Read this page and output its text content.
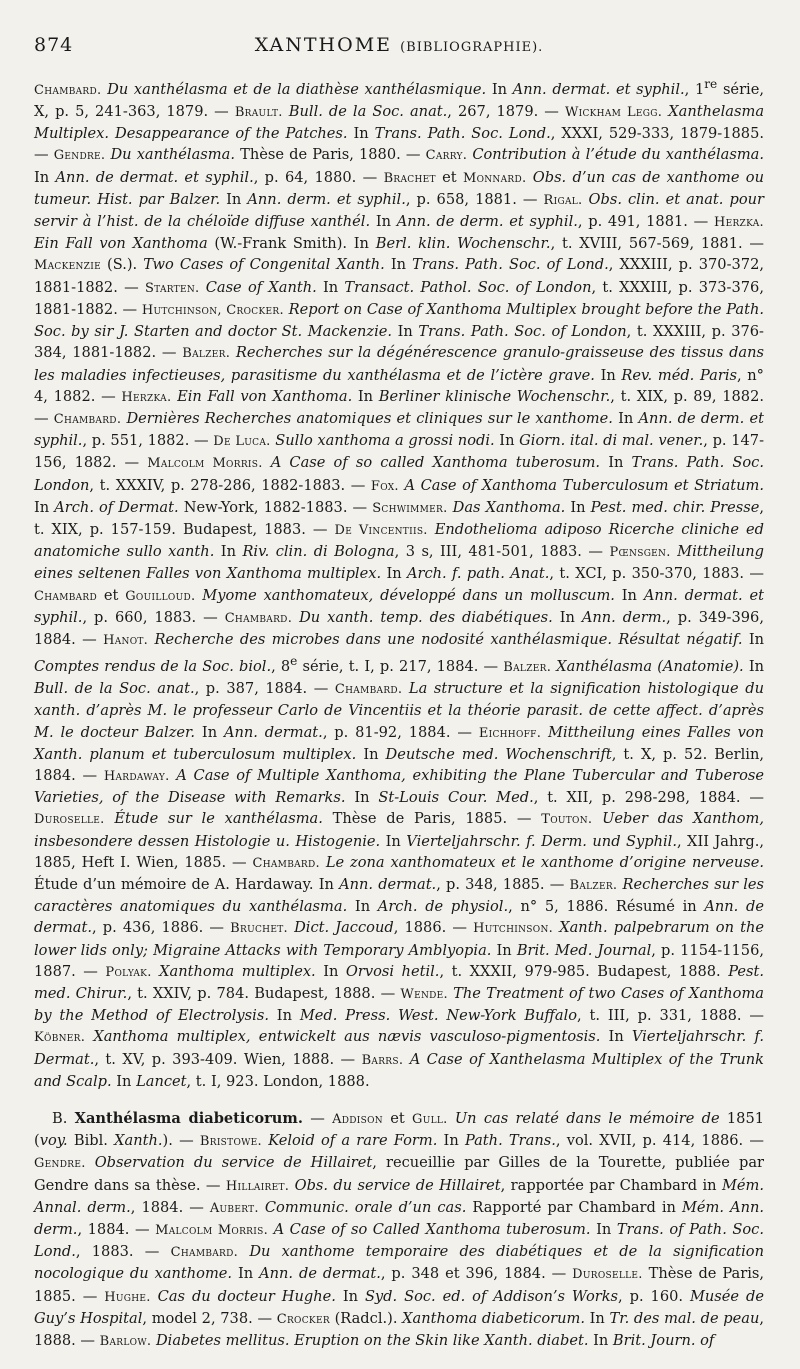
874	XANTHOME (BIBLIOGRAPHIE).
Chambard. Du xanthélasma et de la diathèse xanthélasmique. In Ann. dermat. et syphil., 1re série, X, p. 5, 241-363, 1879. — Brault. Bull. de la Soc. anat., 267, 1879. — Wickham Legg. Xanthelasma Multiplex. Desappearance of the Patches. In Trans. Path. Soc. Lond., XXXI, 529-333, 1879-1885. — Gendre. Du xanthélasma. Thèse de Paris, 1880. — Carry. Contribution à l’étude du xanthélasma. In Ann. de dermat. et syphil., p. 64, 1880. — Brachet et Monnard. Obs. d’un cas de xanthome ou tumeur. Hist. par Balzer. In Ann. derm. et syphil., p. 658, 1881. — Rigal. Obs. clin. et anat. pour servir à l’hist. de la chéloïde diffuse xanthél. In Ann. de derm. et syphil., p. 491, 1881. — Herzka. Ein Fall von Xanthoma (W.-Frank Smith). In Berl. klin. Wochenschr., t. XVIII, 567-569, 1881. — Mackenzie (S.). Two Cases of Congenital Xanth. In Trans. Path. Soc. of Lond., XXXIII, p. 370-372, 1881-1882. — Starten. Case of Xanth. In Transact. Pathol. Soc. of London, t. XXXIII, p. 373-376, 1881-1882. — Hutchinson, Crocker. Report on Case of Xanthoma Multiplex brought before the Path. Soc. by sir J. Starten and doctor St. Mackenzie. In Trans. Path. Soc. of London, t. XXXIII, p. 376-384, 1881-1882. — Balzer. Recherches sur la dégénérescence granulo-graisseuse des tissus dans les maladies infectieuses, parasitisme du xanthélasma et de l’ictère grave. In Rev. méd. Paris, n° 4, 1882. — Herzka. Ein Fall von Xanthoma. In Berliner klinische Wochenschr., t. XIX, p. 89, 1882. — Chambard. Dernières Recherches anatomiques et cliniques sur le xanthome. In Ann. de derm. et syphil., p. 551, 1882. — De Luca. Sullo xanthoma a grossi nodi. In Giorn. ital. di mal. vener., p. 147-156, 1882. — Malcolm Morris. A Case of so called Xanthoma tuberosum. In Trans. Path. Soc. London, t. XXXIV, p. 278-286, 1882-1883. — Fox. A Case of Xanthoma Tuberculosum et Striatum. In Arch. of Dermat. New-York, 1882-1883. — Schwimmer. Das Xanthoma. In Pest. med. chir. Presse, t. XIX, p. 157-159. Budapest, 1883. — De Vincentiis. Endothelioma adiposo Ricerche cliniche ed anatomiche sullo xanth. In Riv. clin. di Bologna, 3 s, III, 481-501, 1883. — Pœnsgen. Mittheilung eines seltenen Falles von Xanthoma multiplex. In Arch. f. path. Anat., t. XCI, p. 350-370, 1883. — Chambard et Gouilloud. Myome xanthomateux, développé dans un molluscum. In Ann. dermat. et syphil., p. 660, 1883. — Chambard. Du xanth. temp. des diabétiques. In Ann. derm., p. 349-396, 1884. — Hanot. Recherche des microbes dans une nodosité xanthélasmique. Résultat négatif. In Comptes rendus de la Soc. biol., 8e série, t. I, p. 217, 1884. — Balzer. Xanthélasma (Anatomie). In Bull. de la Soc. anat., p. 387, 1884. — Chambard. La structure et la signification histologique du xanth. d’après M. le professeur Carlo de Vincentiis et la théorie parasit. de cette affect. d’après M. le docteur Balzer. In Ann. dermat., p. 81-92, 1884. — Eichhoff. Mittheilung eines Falles von Xanth. planum et tuberculosum multiplex. In Deutsche med. Wochenschrift, t. X, p. 52. Berlin, 1884. — Hardaway. A Case of Multiple Xanthoma, exhibiting the Plane Tubercular and Tuberose Varieties, of the Disease with Remarks. In St-Louis Cour. Med., t. XII, p. 298-298, 1884. — Duroselle. Étude sur le xanthélasma. Thèse de Paris, 1885. — Touton. Ueber das Xanthom, insbesondere dessen Histologie u. Histogenie. In Vierteljahrschr. f. Derm. und Syphil., XII Jahrg., 1885, Heft I. Wien, 1885. — Chambard. Le zona xanthomateux et le xanthome d’origine nerveuse. Étude d’un mémoire de A. Hardaway. In Ann. dermat., p. 348, 1885. — Balzer. Recherches sur les caractères anatomiques du xanthélasma. In Arch. de physiol., n° 5, 1886. Résumé in Ann. de dermat., p. 436, 1886. — Bruchet. Dict. Jaccoud, 1886. — Hutchinson. Xanth. palpebrarum on the lower lids only; Migraine Attacks with Temporary Amblyopia. In Brit. Med. Journal, p. 1154-1156, 1887. — Polyak. Xanthoma multiplex. In Orvosi hetil., t. XXXII, 979-985. Budapest, 1888. Pest. med. Chirur., t. XXIV, p. 784. Budapest, 1888. — Wende. The Treatment of two Cases of Xanthoma by the Method of Electrolysis. In Med. Press. West. New-York Buffalo, t. III, p. 331, 1888. — Köbner. Xanthoma multiplex, entwickelt aus nævis vasculoso-pigmentosis. In Vierteljahrschr. f. Dermat., t. XV, p. 393-409. Wien, 1888. — Barrs. A Case of Xanthelasma Multiplex of the Trunk and Scalp. In Lancet, t. I, 923. London, 1888.
B. Xanthélasma diabeticorum. — Addison et Gull. Un cas relaté dans le mémoire de 1851 (voy. Bibl. Xanth.). — Bristowe. Keloid of a rare Form. In Path. Trans., vol. XVII, p. 414, 1886. — Gendre. Observation du service de Hillairet, recueillie par Gilles de la Tourette, publiée par Gendre dans sa thèse. — Hillairet. Obs. du service de Hillairet, rapportée par Chambard in Mém. Annal. derm., 1884. — Aubert. Communic. orale d’un cas. Rapporté par Chambard in Mém. Ann. derm., 1884. — Malcolm Morris. A Case of so Called Xanthoma tuberosum. In Trans. of Path. Soc. Lond., 1883. — Chambard. Du xanthome temporaire des diabétiques et de la signification nocologique du xanthome. In Ann. de dermat., p. 348 et 396, 1884. — Duroselle. Thèse de Paris, 1885. — Hughe. Cas du docteur Hughe. In Syd. Soc. ed. of Addison’s Works, p. 160. Musée de Guy’s Hospital, model 2, 738. — Crocker (Radcl.). Xanthoma diabeticorum. In Tr. des mal. de peau, 1888. — Barlow. Diabetes mellitus. Eruption on the Skin like Xanth. diabet. In Brit. Journ. of
